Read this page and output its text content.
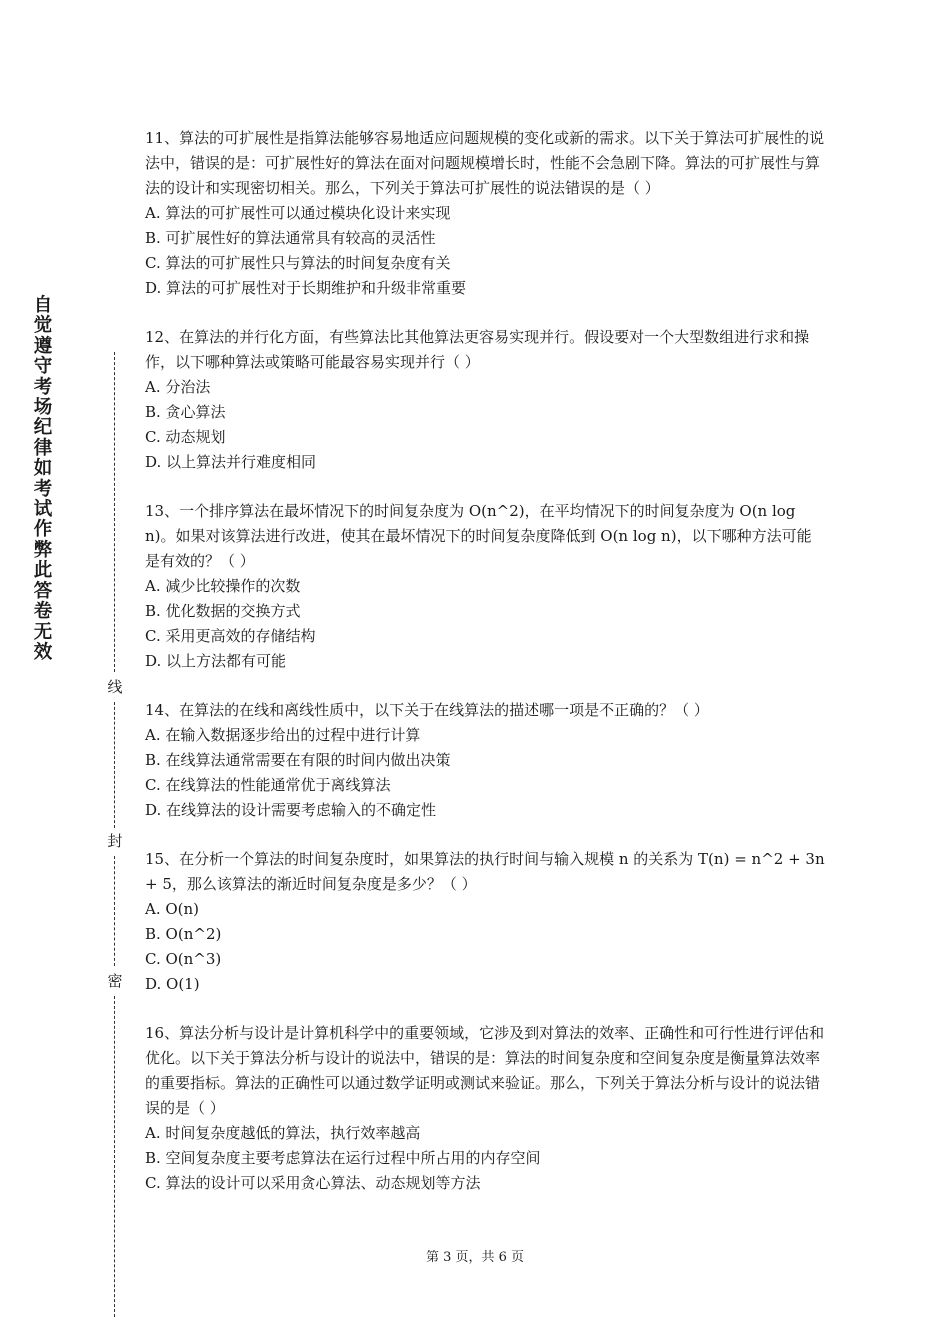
自觉遵守考场纪律如考试作弊此答卷无效
线
封
密
11、算法的可扩展性是指算法能够容易地适应问题规模的变化或新的需求。以下关于算法可扩展性的说法中，错误的是：可扩展性好的算法在面对问题规模增长时，性能不会急剧下降。算法的可扩展性与算法的设计和实现密切相关。那么，下列关于算法可扩展性的说法错误的是（ ）
A. 算法的可扩展性可以通过模块化设计来实现
B. 可扩展性好的算法通常具有较高的灵活性
C. 算法的可扩展性只与算法的时间复杂度有关
D. 算法的可扩展性对于长期维护和升级非常重要
12、在算法的并行化方面，有些算法比其他算法更容易实现并行。假设要对一个大型数组进行求和操作，以下哪种算法或策略可能最容易实现并行（ ）
A. 分治法
B. 贪心算法
C. 动态规划
D. 以上算法并行难度相同
13、一个排序算法在最坏情况下的时间复杂度为 O(n^2)，在平均情况下的时间复杂度为 O(n log n)。如果对该算法进行改进，使其在最坏情况下的时间复杂度降低到 O(n log n)，以下哪种方法可能是有效的？（ ）
A. 减少比较操作的次数
B. 优化数据的交换方式
C. 采用更高效的存储结构
D. 以上方法都有可能
14、在算法的在线和离线性质中，以下关于在线算法的描述哪一项是不正确的？（ ）
A. 在输入数据逐步给出的过程中进行计算
B. 在线算法通常需要在有限的时间内做出决策
C. 在线算法的性能通常优于离线算法
D. 在线算法的设计需要考虑输入的不确定性
15、在分析一个算法的时间复杂度时，如果算法的执行时间与输入规模 n 的关系为 T(n) = n^2 + 3n + 5，那么该算法的渐近时间复杂度是多少？（ ）
A. O(n)
B. O(n^2)
C. O(n^3)
D. O(1)
16、算法分析与设计是计算机科学中的重要领域，它涉及到对算法的效率、正确性和可行性进行评估和优化。以下关于算法分析与设计的说法中，错误的是：算法的时间复杂度和空间复杂度是衡量算法效率的重要指标。算法的正确性可以通过数学证明或测试来验证。那么，下列关于算法分析与设计的说法错误的是（ ）
A. 时间复杂度越低的算法，执行效率越高
B. 空间复杂度主要考虑算法在运行过程中所占用的内存空间
C. 算法的设计可以采用贪心算法、动态规划等方法
第 3 页，共 6 页
